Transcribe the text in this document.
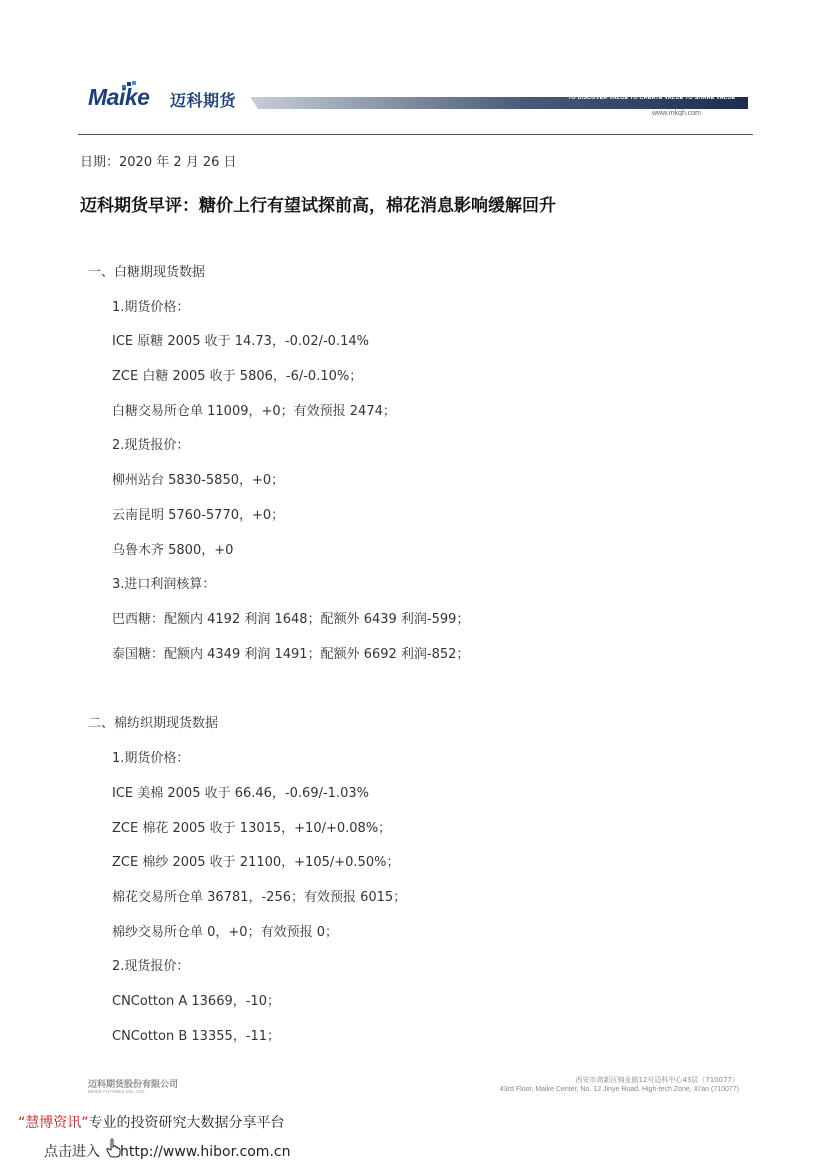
Maike 迈科期货	TO DISCOVER VALUE TO CREATE VALUE TO SHARE VALUE
www.mkqh.com
日期：2020 年 2 月 26 日
迈科期货早评：糖价上行有望试探前高，棉花消息影响缓解回升
一、白糖期现货数据
1.期货价格：
ICE 原糖 2005 收于 14.73，-0.02/-0.14%
ZCE 白糖 2005 收于 5806，-6/-0.10%；
白糖交易所仓单 11009，+0；有效预报 2474；
2.现货报价：
柳州站台 5830-5850，+0；
云南昆明 5760-5770，+0；
乌鲁木齐 5800，+0
3.进口利润核算：
巴西糖：配额内 4192 利润 1648；配额外 6439 利润-599；
泰国糖：配额内 4349 利润 1491；配额外 6692 利润-852；
二、棉纺织期现货数据
1.期货价格：
ICE 美棉 2005 收于 66.46，-0.69/-1.03%
ZCE 棉花 2005 收于 13015，+10/+0.08%；
ZCE 棉纱 2005 收于 21100，+105/+0.50%；
棉花交易所仓单 36781，-256；有效预报 6015；
棉纱交易所仓单 0，+0；有效预报 0；
2.现货报价：
CNCotton A 13669，-10；
CNCotton B 13355，-11；
迈科期货股份有限公司
MAIKE FUTURES CO., LTD.
西安市高新区锦业路12号迈科中心43层（710077）
43rd Floor, Maike Center, No. 12 Jinye Road, High-tech Zone, Xi'an (710077)
“慧博资讯”专业的投资研究大数据分享平台
点击进入 http://www.hibor.com.cn
